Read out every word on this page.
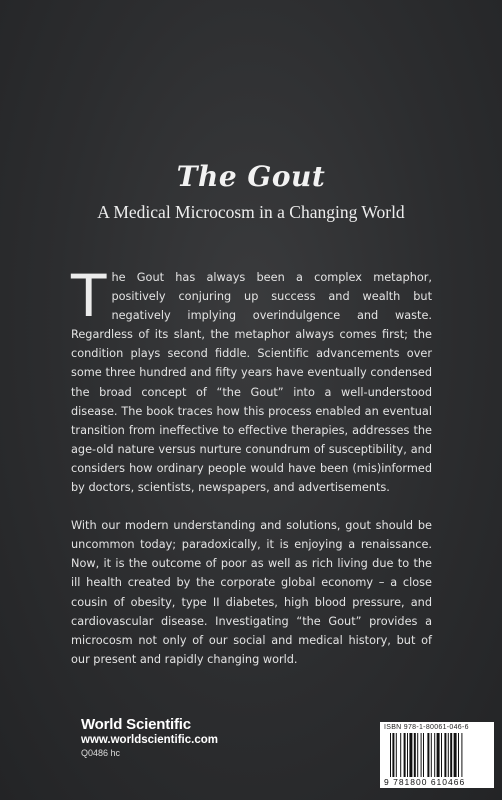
The Gout
A Medical Microcosm in a Changing World

The Gout has always been a complex metaphor, positively conjuring up success and wealth but negatively implying overindulgence and waste. Regardless of its slant, the metaphor always comes first; the condition plays second fiddle. Scientific advancements over some three hundred and fifty years have eventually condensed the broad concept of “the Gout” into a well-understood disease. The book traces how this process enabled an eventual transition from ineffective to effective therapies, addresses the age-old nature versus nurture conundrum of susceptibility, and considers how ordinary people would have been (mis)informed by doctors, scientists, newspapers, and advertisements.

With our modern understanding and solutions, gout should be uncommon today; paradoxically, it is enjoying a renaissance. Now, it is the outcome of poor as well as rich living due to the ill health created by the corporate global economy – a close cousin of obesity, type II diabetes, high blood pressure, and cardiovascular disease. Investigating “the Gout” provides a microcosm not only of our social and medical history, but of our present and rapidly changing world.

World Scientific
www.worldscientific.com
Q0486 hc
ISBN 978-1-80061-046-6
9 781800 610466
